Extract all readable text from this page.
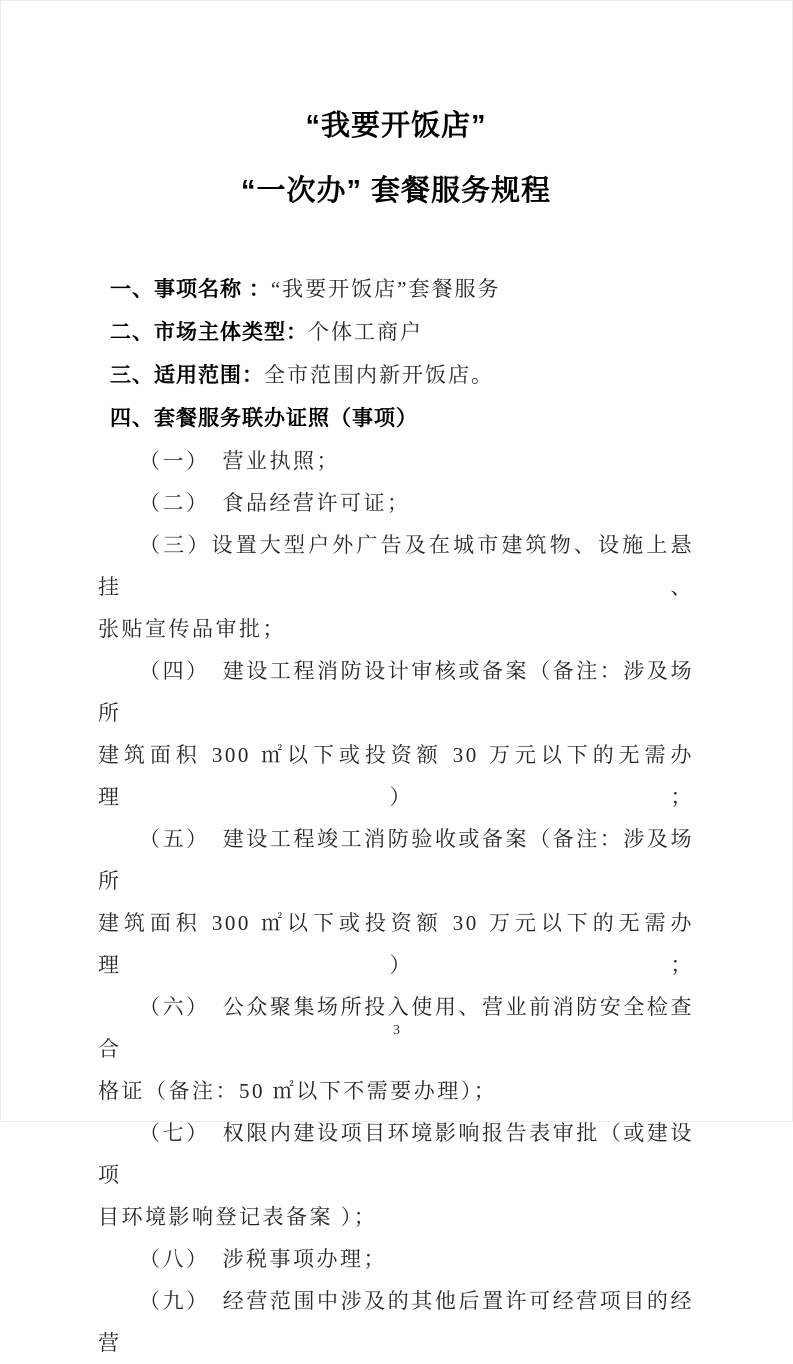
“我要开饭店”
“一次办” 套餐服务规程

一、事项名称 ：“我要开饭店”套餐服务

二、市场主体类型：个体工商户

三、适用范围：全市范围内新开饭店。

四、套餐服务联办证照（事项）

（一）　营业执照；

（二）　食品经营许可证；

（三）设置大型户外广告及在城市建筑物、设施上悬挂、

张贴宣传品审批；

（四）　建设工程消防设计审核或备案（备注：涉及场所

建筑面积 300 ㎡以下或投资额 30 万元以下的无需办理）；

（五）　建设工程竣工消防验收或备案（备注：涉及场所

建筑面积 300 ㎡以下或投资额 30 万元以下的无需办理）；

（六）　公众聚集场所投入使用、营业前消防安全检查合

格证（备注：50 ㎡以下不需要办理）；

（七）　权限内建设项目环境影响报告表审批（或建设项

目环境影响登记表备案 ）；

（八）　涉税事项办理；

（九）　经营范围中涉及的其他后置许可经营项目的经营

3
